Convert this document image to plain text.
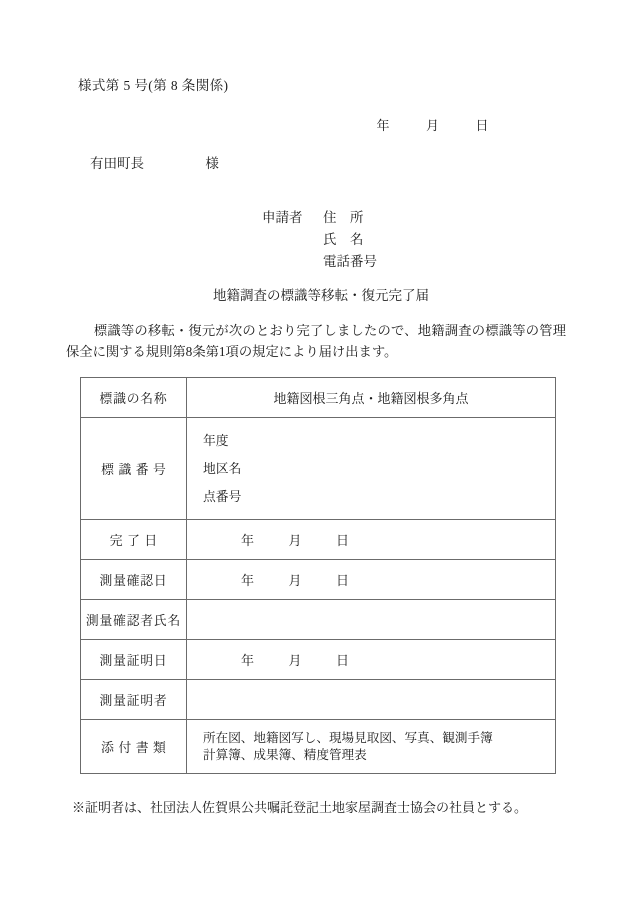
様式第 5 号(第 8 条関係)
年	月	日
有田町長	様
申請者 住　所
氏　名
電話番号
地籍調査の標識等移転・復元完了届
標識等の移転・復元が次のとおり完了しましたので、地籍調査の標識等の管理保全に関する規則第8条第1項の規定により届け出ます。
標識の名称	地籍図根三角点・地籍図根多角点
標識番号	年度
地区名
点番号

完了日	年 月 日
測量確認日	年 月 日
測量確認者氏名	
測量証明日	年 月 日
測量証明者	
添付書類	所在図、地籍図写し、現場見取図、写真、観測手簿
計算簿、成果簿、精度管理表
※証明者は、社団法人佐賀県公共嘱託登記土地家屋調査士協会の社員とする。
